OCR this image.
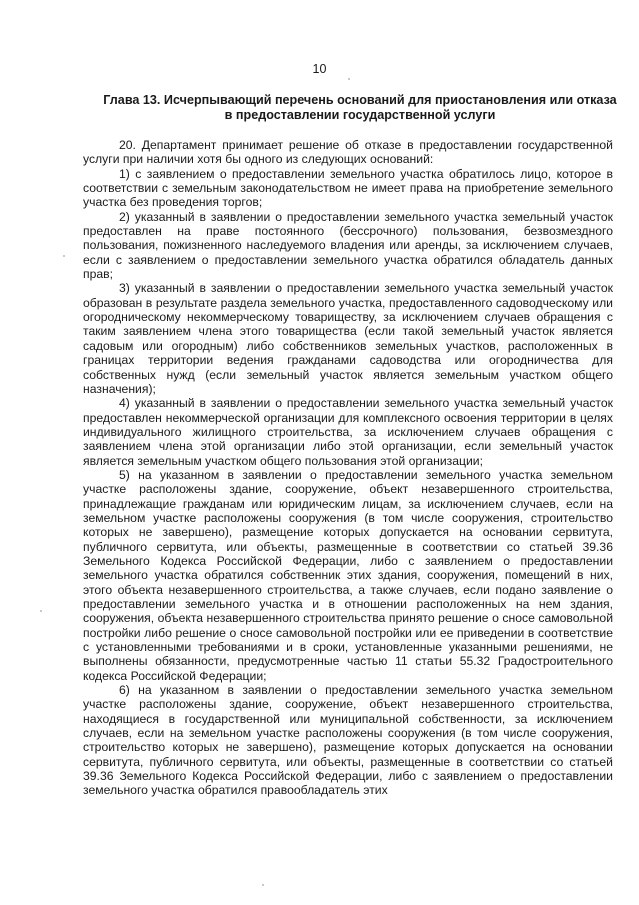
10
Глава 13. Исчерпывающий перечень оснований для приостановления или отказа в предоставлении государственной услуги

20. Департамент принимает решение об отказе в предоставлении государственной услуги при наличии хотя бы одного из следующих оснований:

1) с заявлением о предоставлении земельного участка обратилось лицо, которое в соответствии с земельным законодательством не имеет права на приобретение земельного участка без проведения торгов;

2) указанный в заявлении о предоставлении земельного участка земельный участок предоставлен на праве постоянного (бессрочного) пользования, безвозмездного пользования, пожизненного наследуемого владения или аренды, за исключением случаев, если с заявлением о предоставлении земельного участка обратился обладатель данных прав;

3) указанный в заявлении о предоставлении земельного участка земельный участок образован в результате раздела земельного участка, предоставленного садоводческому или огородническому некоммерческому товариществу, за исключением случаев обращения с таким заявлением члена этого товарищества (если такой земельный участок является садовым или огородным) либо собственников земельных участков, расположенных в границах территории ведения гражданами садоводства или огородничества для собственных нужд (если земельный участок является земельным участком общего назначения);

4) указанный в заявлении о предоставлении земельного участка земельный участок предоставлен некоммерческой организации для комплексного освоения территории в целях индивидуального жилищного строительства, за исключением случаев обращения с заявлением члена этой организации либо этой организации, если земельный участок является земельным участком общего пользования этой организации;

5) на указанном в заявлении о предоставлении земельного участка земельном участке расположены здание, сооружение, объект незавершенного строительства, принадлежащие гражданам или юридическим лицам, за исключением случаев, если на земельном участке расположены сооружения (в том числе сооружения, строительство которых не завершено), размещение которых допускается на основании сервитута, публичного сервитута, или объекты, размещенные в соответствии со статьей 39.36 Земельного Кодекса Российской Федерации, либо с заявлением о предоставлении земельного участка обратился собственник этих здания, сооружения, помещений в них, этого объекта незавершенного строительства, а также случаев, если подано заявление о предоставлении земельного участка и в отношении расположенных на нем здания, сооружения, объекта незавершенного строительства принято решение о сносе самовольной постройки либо решение о сносе самовольной постройки или ее приведении в соответствие с установленными требованиями и в сроки, установленные указанными решениями, не выполнены обязанности, предусмотренные частью 11 статьи 55.32 Градостроительного кодекса Российской Федерации;

6) на указанном в заявлении о предоставлении земельного участка земельном участке расположены здание, сооружение, объект незавершенного строительства, находящиеся в государственной или муниципальной собственности, за исключением случаев, если на земельном участке расположены сооружения (в том числе сооружения, строительство которых не завершено), размещение которых допускается на основании сервитута, публичного сервитута, или объекты, размещенные в соответствии со статьей 39.36 Земельного Кодекса Российской Федерации, либо с заявлением о предоставлении земельного участка обратился правообладатель этих
